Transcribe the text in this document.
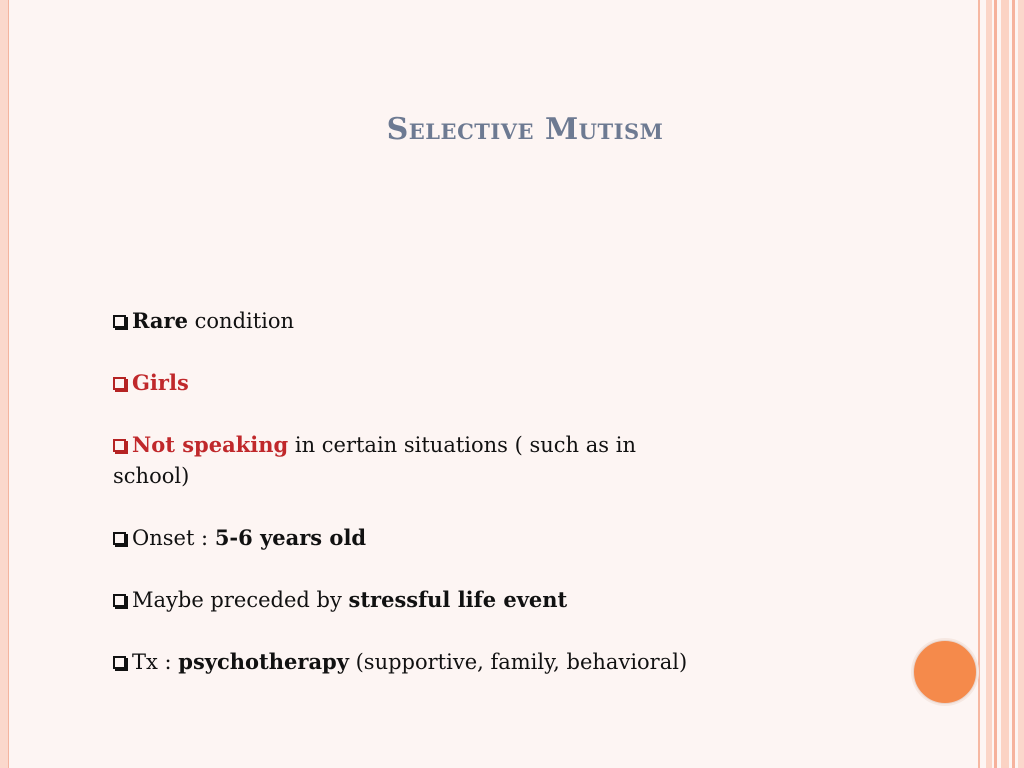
Selective Mutism

Rare condition

Girls

Not speaking in certain situations ( such as in school)

Onset : 5-6 years old

Maybe preceded by stressful life event

Tx : psychotherapy (supportive, family, behavioral)
